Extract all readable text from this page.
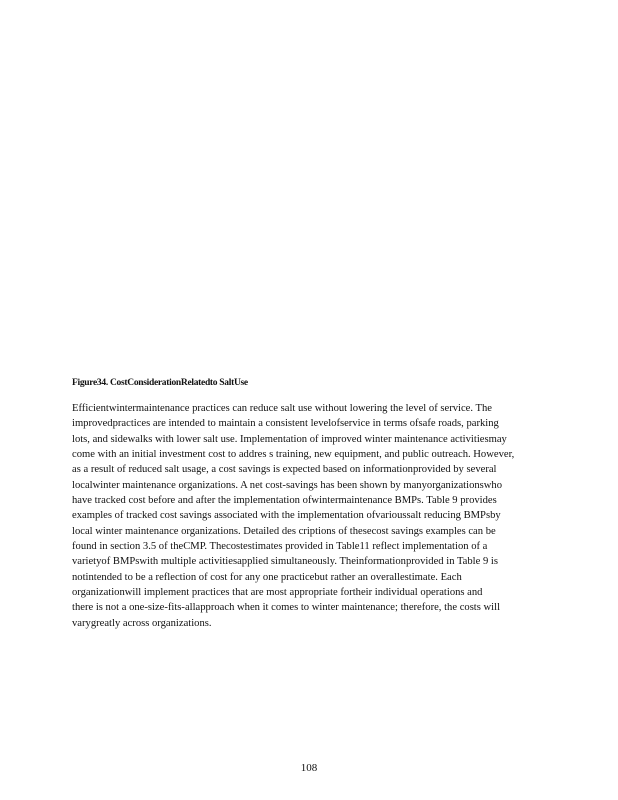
Figure34. CostConsiderationRelatedto SaltUse
Efficientwintermaintenance practices can reduce salt use without lowering the level of service. The
improvedpractices are intended to maintain a consistent levelofservice in terms ofsafe roads, parking
lots, and sidewalks with lower salt use. Implementation of improved winter maintenance activitiesmay
come with an initial investment cost to addres s training, new equipment, and public outreach. However,
as a result of reduced salt usage, a cost savings is expected based on informationprovided by several
localwinter maintenance organizations. A net cost-savings has been shown by manyorganizationswho
have tracked cost before and after the implementation ofwintermaintenance BMPs. Table 9 provides
examples of tracked cost savings associated with the implementation ofvarioussalt reducing BMPsby
local winter maintenance organizations. Detailed des criptions of thesecost savings examples can be
found in section 3.5 of theCMP. Thecostestimates provided in Table11 reflect implementation of a
varietyof BMPswith multiple activitiesapplied simultaneously. Theinformationprovided in Table 9 is
notintended to be a reflection of cost for any one practicebut rather an overallestimate. Each
organizationwill implement practices that are most appropriate fortheir individual operations and
there is not a one-size-fits-allapproach when it comes to winter maintenance; therefore, the costs will
varygreatly across organizations.
108
